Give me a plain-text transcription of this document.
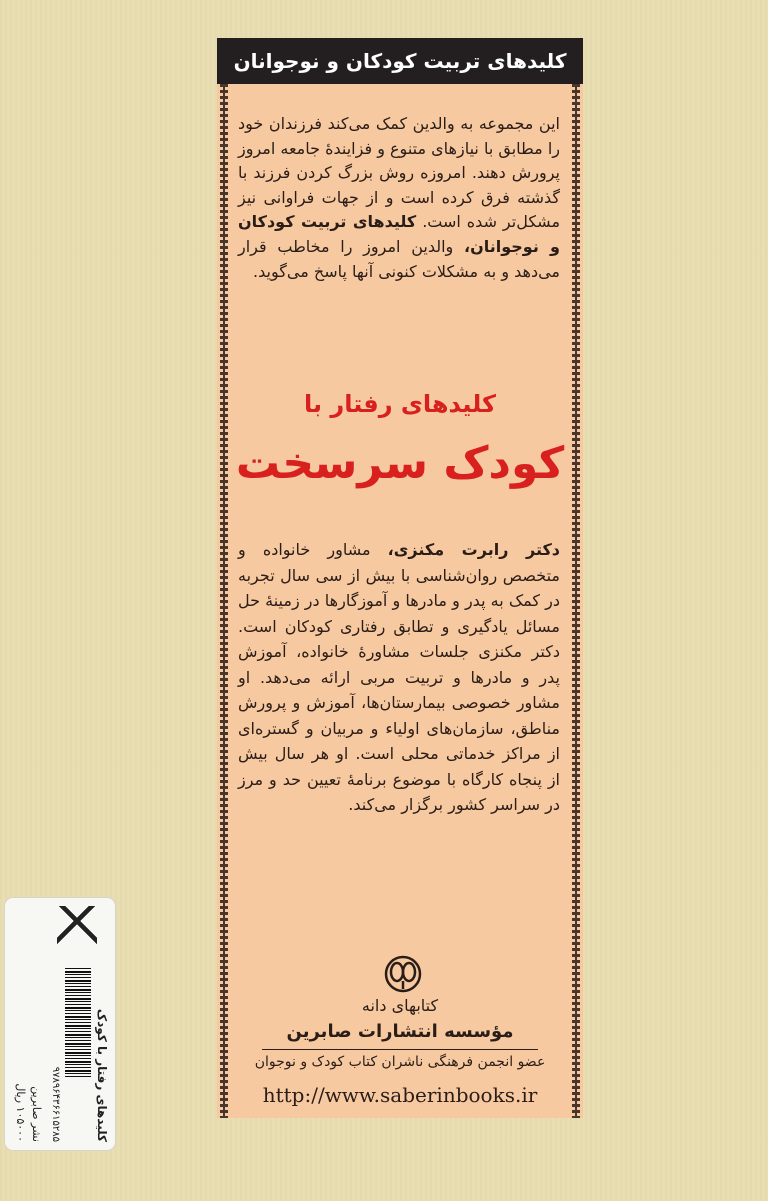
کلیدهای تربیت کودکان و نوجوانان
این مجموعه به والدین کمک می‌کند فرزندان خود را مطابق با نیازهای متنوع و فزایندهٔ جامعه امروز پرورش دهند. امروزه روش بزرگ کردن فرزند با گذشته فرق کرده است و از جهات فراوانی نیز مشکل‌تر شده است. کلیدهای تربیت کودکان و نوجوانان، والدین امروز را مخاطب قرار می‌دهد و به مشکلات کنونی آنها پاسخ می‌گوید.
کلیدهای رفتار با
کودک سرسخت
دکتر رابرت مکنزی، مشاور خانواده و متخصص روان‌شناسی با بیش از سی سال تجربه در کمک به پدر و مادرها و آموزگارها در زمینهٔ حل مسائل یادگیری و تطابق رفتاری کودکان است. دکتر مکنزی جلسات مشاورهٔ خانواده، آموزش پدر و مادرها و تربیت مربی ارائه می‌دهد. او مشاور خصوصی بیمارستان‌ها، آموزش و پرورش مناطق، سازمان‌های اولیاء و مربیان و گستره‌ای از مراکز خدماتی محلی است. او هر سال بیش از پنجاه کارگاه با موضوع برنامهٔ تعیین حد و مرز در سراسر کشور برگزار می‌کند.
کتابهای دانه
مؤسسه انتشارات صابرین
عضو انجمن فرهنگی ناشران کتاب کودک و نوجوان
http://www.saberinbooks.ir
کلیدهای رفتار با کودک
۹۷۸۹۶۴۳۶۶۱۵۲۸۵
نشر صابرین
۱۰۵۰۰۰ ریال
